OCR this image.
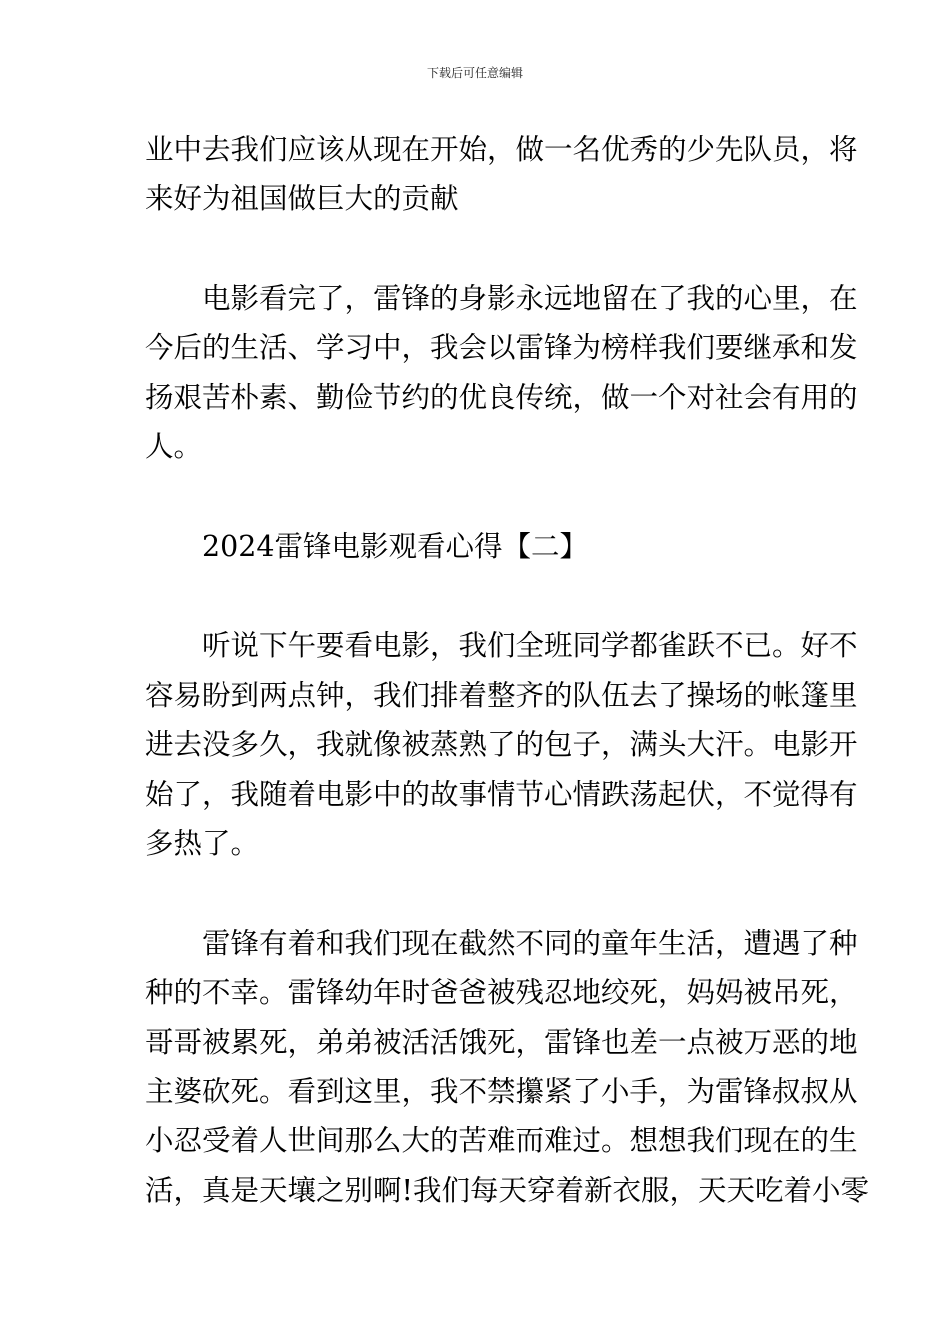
下载后可任意编辑
业中去我们应该从现在开始，做一名优秀的少先队员，将
来好为祖国做巨大的贡献
　　电影看完了，雷锋的身影永远地留在了我的心里，在
今后的生活、学习中，我会以雷锋为榜样我们要继承和发
扬艰苦朴素、勤俭节约的优良传统，做一个对社会有用的
人。
　　2024雷锋电影观看心得【二】
　　听说下午要看电影，我们全班同学都雀跃不已。好不
容易盼到两点钟，我们排着整齐的队伍去了操场的帐篷里
进去没多久，我就像被蒸熟了的包子，满头大汗。电影开
始了，我随着电影中的故事情节心情跌荡起伏，不觉得有
多热了。
　　雷锋有着和我们现在截然不同的童年生活，遭遇了种
种的不幸。雷锋幼年时爸爸被残忍地绞死，妈妈被吊死，
哥哥被累死，弟弟被活活饿死，雷锋也差一点被万恶的地
主婆砍死。看到这里，我不禁攥紧了小手，为雷锋叔叔从
小忍受着人世间那么大的苦难而难过。想想我们现在的生
活，真是天壤之别啊!我们每天穿着新衣服，天天吃着小零
